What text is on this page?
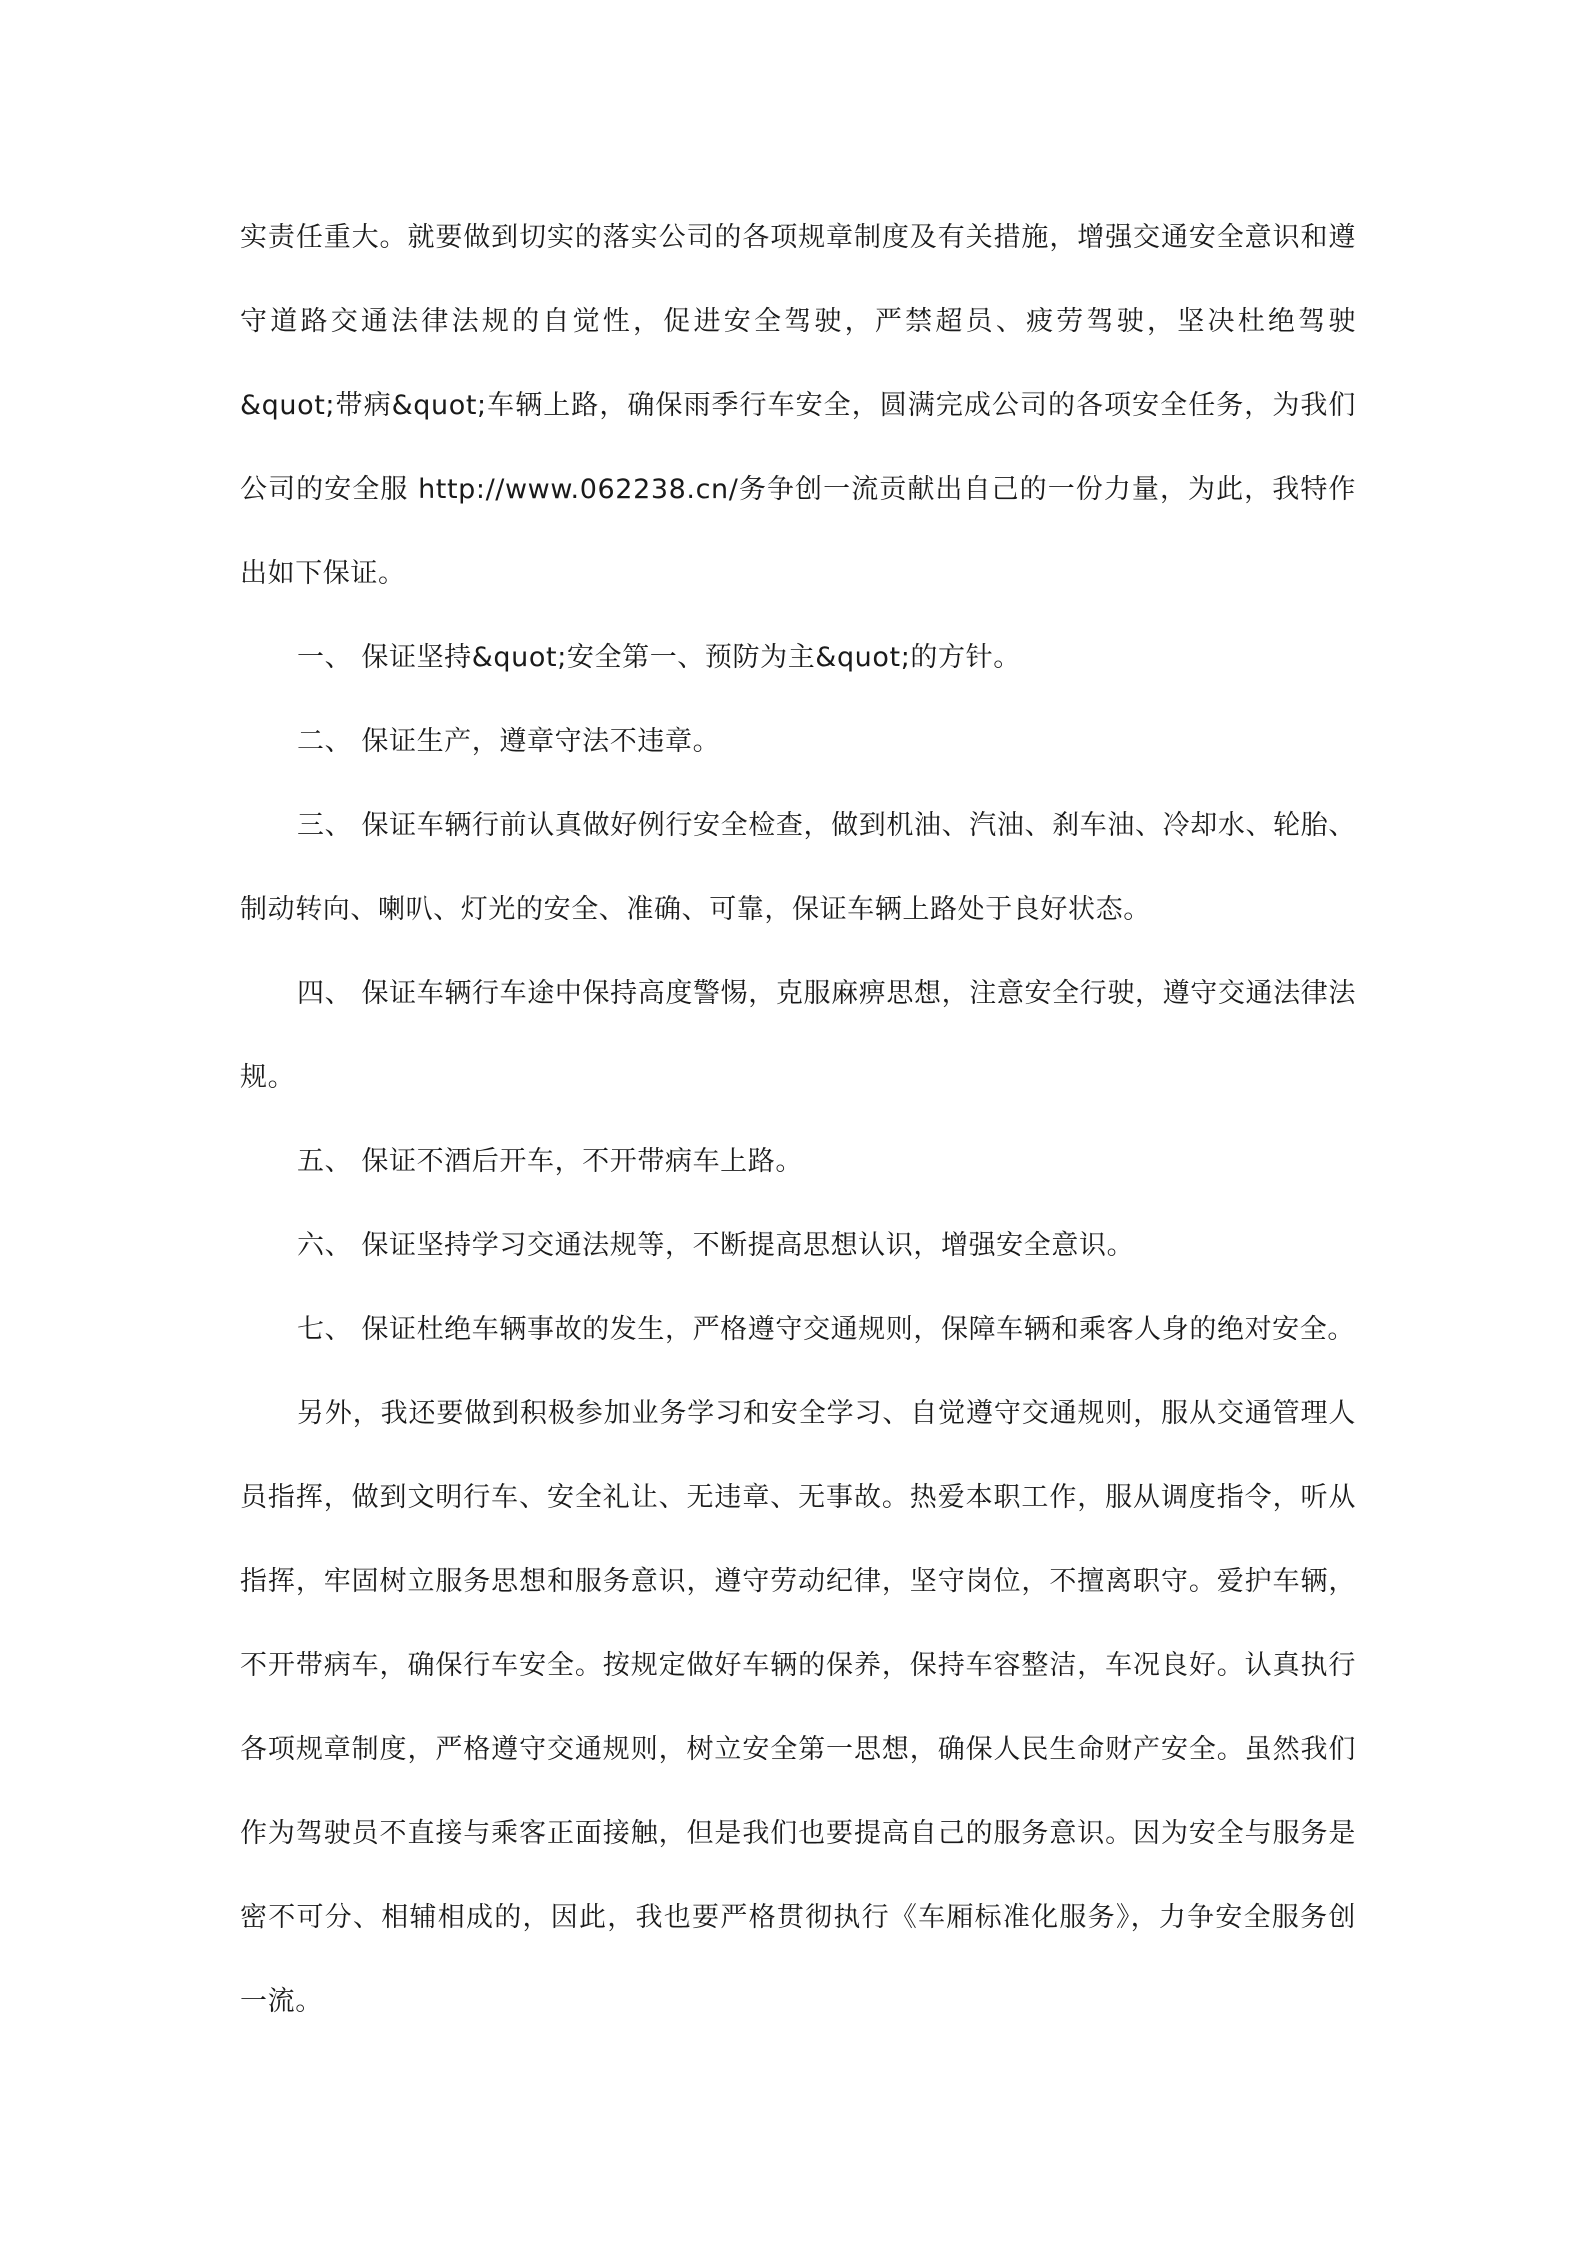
实责任重大。就要做到切实的落实公司的各项规章制度及有关措施，增强交通安全意识和遵守道路交通法律法规的自觉性，促进安全驾驶，严禁超员、疲劳驾驶，坚决杜绝驾驶&quot;带病&quot;车辆上路，确保雨季行车安全，圆满完成公司的各项安全任务，为我们公司的安全服 http://www.062238.cn/务争创一流贡献出自己的一份力量，为此，我特作出如下保证。

一、 保证坚持&quot;安全第一、预防为主&quot;的方针。

二、 保证生产，遵章守法不违章。

三、 保证车辆行前认真做好例行安全检查，做到机油、汽油、刹车油、冷却水、轮胎、制动转向、喇叭、灯光的安全、准确、可靠，保证车辆上路处于良好状态。

四、 保证车辆行车途中保持高度警惕，克服麻痹思想，注意安全行驶，遵守交通法律法规。

五、 保证不酒后开车，不开带病车上路。

六、 保证坚持学习交通法规等，不断提高思想认识，增强安全意识。

七、 保证杜绝车辆事故的发生，严格遵守交通规则，保障车辆和乘客人身的绝对安全。

另外，我还要做到积极参加业务学习和安全学习、自觉遵守交通规则，服从交通管理人员指挥，做到文明行车、安全礼让、无违章、无事故。热爱本职工作，服从调度指令，听从指挥，牢固树立服务思想和服务意识，遵守劳动纪律，坚守岗位，不擅离职守。爱护车辆，不开带病车，确保行车安全。按规定做好车辆的保养，保持车容整洁，车况良好。认真执行各项规章制度，严格遵守交通规则，树立安全第一思想，确保人民生命财产安全。虽然我们作为驾驶员不直接与乘客正面接触，但是我们也要提高自己的服务意识。因为安全与服务是密不可分、相辅相成的，因此，我也要严格贯彻执行《车厢标准化服务》，力争安全服务创一流。
